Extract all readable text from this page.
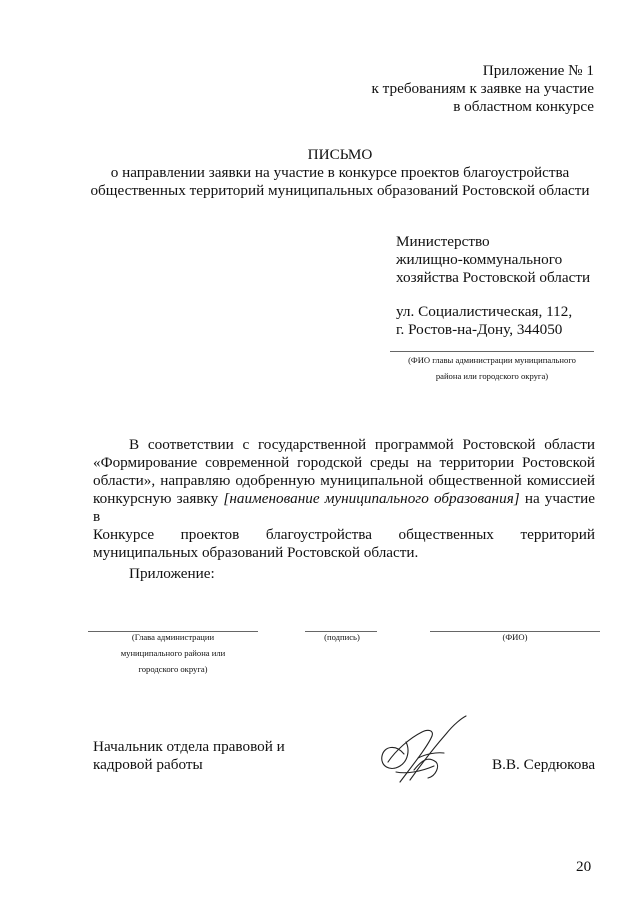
Приложение № 1
к требованиям к заявке на участие
в областном конкурсе
ПИСЬМО
о направлении заявки на участие в конкурсе проектов благоустройства
общественных территорий муниципальных образований Ростовской области
Министерство
жилищно-коммунального
хозяйства Ростовской области
ул. Социалистическая, 112,
г. Ростов-на-Дону, 344050
(ФИО главы администрации муниципального
района или городского округа)
В соответствии с государственной программой Ростовской области «Формирование современной городской среды на территории Ростовской области», направляю одобренную муниципальной общественной комиссией конкурсную заявку [наименование муниципального образования] на участие в
Конкурсе проектов благоустройства общественных территорий
муниципальных образований Ростовской области.
Приложение:
(Глава администрации
муниципального района или
городского округа)
(подпись)	(ФИО)
Начальник отдела правовой и
кадровой работы	В.В. Сердюкова
20
